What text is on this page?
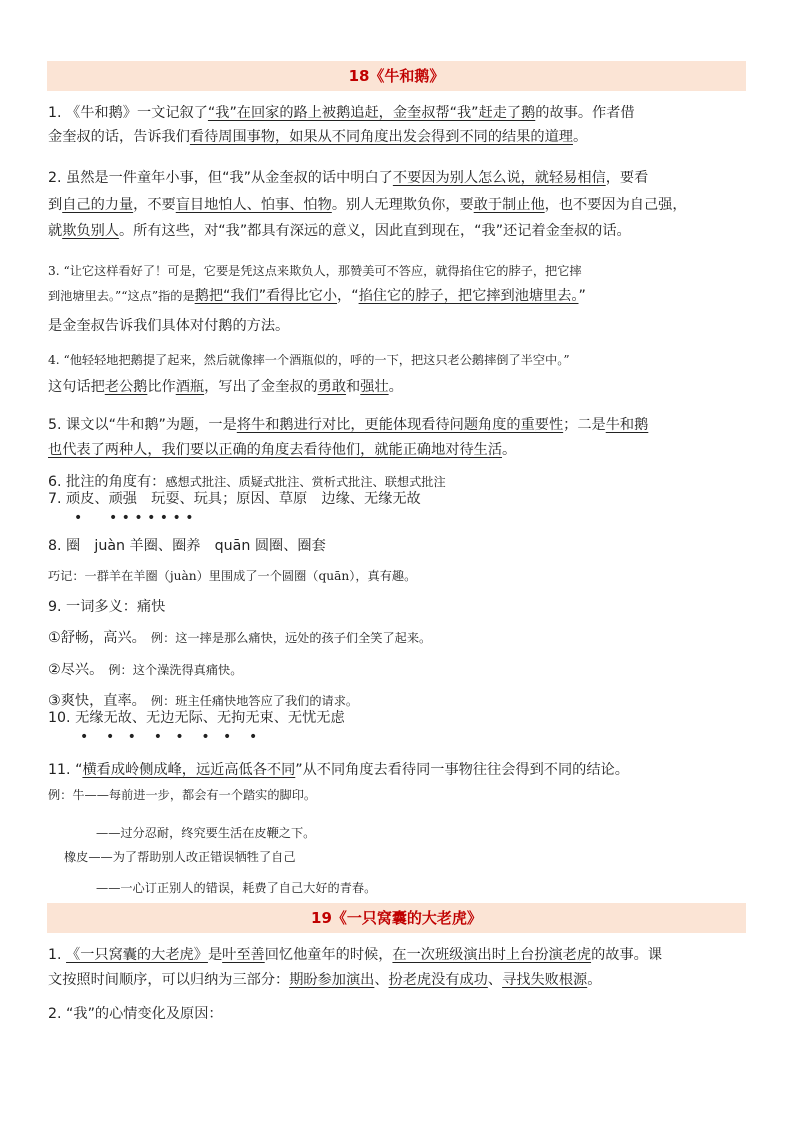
18《牛和鹅》
1. 《牛和鹅》一文记叙了“我”在回家的路上被鹅追赶，金奎叔帮“我”赶走了鹅的故事。作者借
金奎叔的话，告诉我们看待周围事物，如果从不同角度出发会得到不同的结果的道理。
2. 虽然是一件童年小事，但“我”从金奎叔的话中明白了不要因为别人怎么说，就轻易相信，要看
到自己的力量，不要盲目地怕人、怕事、怕物。别人无理欺负你，要敢于制止他，也不要因为自己强，
就欺负别人。所有这些，对“我”都具有深远的意义，因此直到现在，“我”还记着金奎叔的话。
3. “让它这样看好了！可是，它要是凭这点来欺负人，那赞美可不答应，就得掐住它的脖子，把它摔
到池塘里去。”“这点”指的是鹅把“我们”看得比它小，“掐住它的脖子，把它摔到池塘里去。”
是金奎叔告诉我们具体对付鹅的方法。
4. “他轻轻地把鹅提了起来，然后就像摔一个酒瓶似的，呼的一下，把这只老公鹅摔倒了半空中。”
这句话把老公鹅比作酒瓶，写出了金奎叔的勇敢和强壮。
5. 课文以“牛和鹅”为题，一是将牛和鹅进行对比，更能体现看待问题角度的重要性；二是牛和鹅
也代表了两种人，我们要以正确的角度去看待他们，就能正确地对待生活。
6. 批注的角度有：感想式批注、质疑式批注、赏析式批注、联想式批注
7. 顽皮、顽强　玩耍、玩具；原因、草原　边缘、无缘无故
•      • • • • • • •
8. 圈　juàn 羊圈、圈养　quān 圆圈、圈套
巧记：一群羊在羊圈（juàn）里围成了一个圆圈（quān），真有趣。
9. 一词多义：痛快
①舒畅，高兴。　例：这一摔是那么痛快，远处的孩子们全笑了起来。
②尽兴。　例：这个澡洗得真痛快。
③爽快，直率。　例：班主任痛快地答应了我们的请求。
10. 无缘无故、无边无际、无拘无束、无忧无虑
•    •   •    •   •    •   •    •
11. “横看成岭侧成峰，远近高低各不同”从不同角度去看待同一事物往往会得到不同的结论。
例：牛——每前进一步，都会有一个踏实的脚印。
——过分忍耐，终究要生活在皮鞭之下。
橡皮——为了帮助别人改正错误牺牲了自己
——一心订正别人的错误，耗费了自己大好的青春。
19《一只窝囊的大老虎》
1. 《一只窝囊的大老虎》是叶至善回忆他童年的时候，在一次班级演出时上台扮演老虎的故事。课
文按照时间顺序，可以归纳为三部分：期盼参加演出、扮老虎没有成功、寻找失败根源。
2. “我”的心情变化及原因：
